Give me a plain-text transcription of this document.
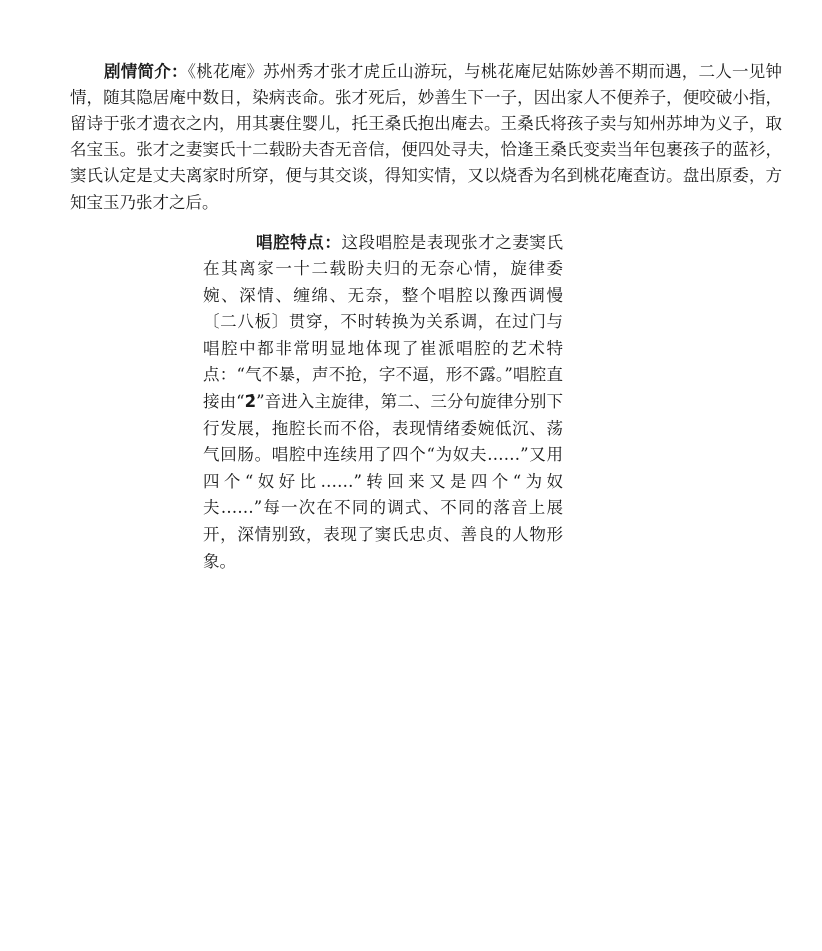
剧情简介：《桃花庵》苏州秀才张才虎丘山游玩，与桃花庵尼姑陈妙善不期而遇，二人一见钟情，随其隐居庵中数日，染病丧命。张才死后，妙善生下一子，因出家人不便养子，便咬破小指，留诗于张才遗衣之内，用其裹住婴儿，托王桑氏抱出庵去。王桑氏将孩子卖与知州苏坤为义子，取名宝玉。张才之妻窦氏十二载盼夫杳无音信，便四处寻夫，恰逢王桑氏变卖当年包裹孩子的蓝衫，窦氏认定是丈夫离家时所穿，便与其交谈，得知实情，又以烧香为名到桃花庵查访。盘出原委，方知宝玉乃张才之后。

唱腔特点：这段唱腔是表现张才之妻窦氏在其离家一十二载盼夫归的无奈心情，旋律委婉、深情、缠绵、无奈，整个唱腔以豫西调慢〔二八板〕贯穿，不时转换为关系调，在过门与唱腔中都非常明显地体现了崔派唱腔的艺术特点：“气不暴，声不抢，字不逼，形不露。”唱腔直接由“2̇”音进入主旋律，第二、三分句旋律分别下行发展，拖腔长而不俗，表现情绪委婉低沉、荡气回肠。唱腔中连续用了四个“为奴夫……”又用四个“奴好比……”转回来又是四个“为奴夫……”每一次在不同的调式、不同的落音上展开，深情别致，表现了窦氏忠贞、善良的人物形象。
